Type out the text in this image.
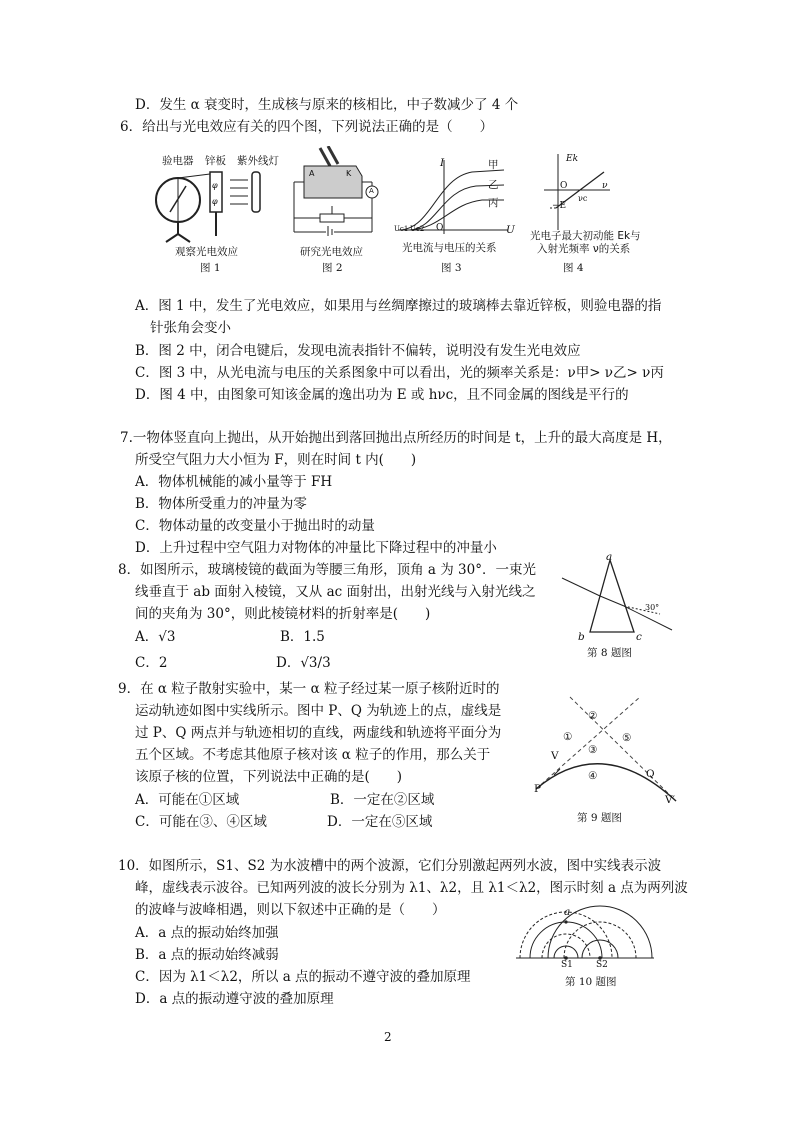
D．发生 α 衰变时，生成核与原来的核相比，中子数减少了 4 个
6．给出与光电效应有关的四个图，下列说法正确的是（　　）
φ
φ
验电器 锌板 紫外线灯
观察光电效应
图 1
A	K
A
研究光电效应
图 2
I	甲
乙
丙
U
O
Uc1 Uc2
光电流与电压的关系
图 3
Ek
ν
O
−E
νc
光电子最大初动能 Ek与
入射光频率 ν的关系
图 4
A．图 1 中，发生了光电效应，如果用与丝绸摩擦过的玻璃棒去靠近锌板，则验电器的指
针张角会变小
B．图 2 中，闭合电键后，发现电流表指针不偏转，说明没有发生光电效应
C．图 3 中，从光电流与电压的关系图象中可以看出，光的频率关系是：ν甲> ν乙> ν丙
D．图 4 中，由图象可知该金属的逸出功为 E 或 hνc，且不同金属的图线是平行的
7.一物体竖直向上抛出，从开始抛出到落回抛出点所经历的时间是 t，上升的最大高度是 H，
所受空气阻力大小恒为 F，则在时间 t 内(　　)
A．物体机械能的减小量等于 FH
B．物体所受重力的冲量为零
C．物体动量的改变量小于抛出时的动量
D．上升过程中空气阻力对物体的冲量比下降过程中的冲量小
8．如图所示，玻璃棱镜的截面为等腰三角形，顶角 a 为 30°．一束光
线垂直于 ab 面射入棱镜，又从 ac 面射出，出射光线与入射光线之
间的夹角为 30°，则此棱镜材料的折射率是(　　)
A．√3	B．1.5
C．2	D．√3/3
a
b	c
30°
第 8 题图
9．在 α 粒子散射实验中，某一 α 粒子经过某一原子核附近时的
运动轨迹如图中实线所示。图中 P、Q 为轨迹上的点，虚线是
过 P、Q 两点并与轨迹相切的直线，两虚线和轨迹将平面分为
五个区域。不考虑其他原子核对该 α 粒子的作用，那么关于
该原子核的位置，下列说法中正确的是(　　)
A．可能在①区域	B．一定在②区域
C．可能在③、④区域	D．一定在⑤区域
①
②
③
④
⑤
P
Q
V
V′
第 9 题图
10．如图所示，S1、S2 为水波槽中的两个波源，它们分别激起两列水波，图中实线表示波
峰，虚线表示波谷。已知两列波的波长分别为 λ1、λ2，且 λ1＜λ2，图示时刻 a 点为两列波
的波峰与波峰相遇，则以下叙述中正确的是（　　）
A．a 点的振动始终加强
B．a 点的振动始终减弱
C．因为 λ1＜λ2，所以 a 点的振动不遵守波的叠加原理
D．a 点的振动遵守波的叠加原理
a
S1	S2
第 10 题图
2
